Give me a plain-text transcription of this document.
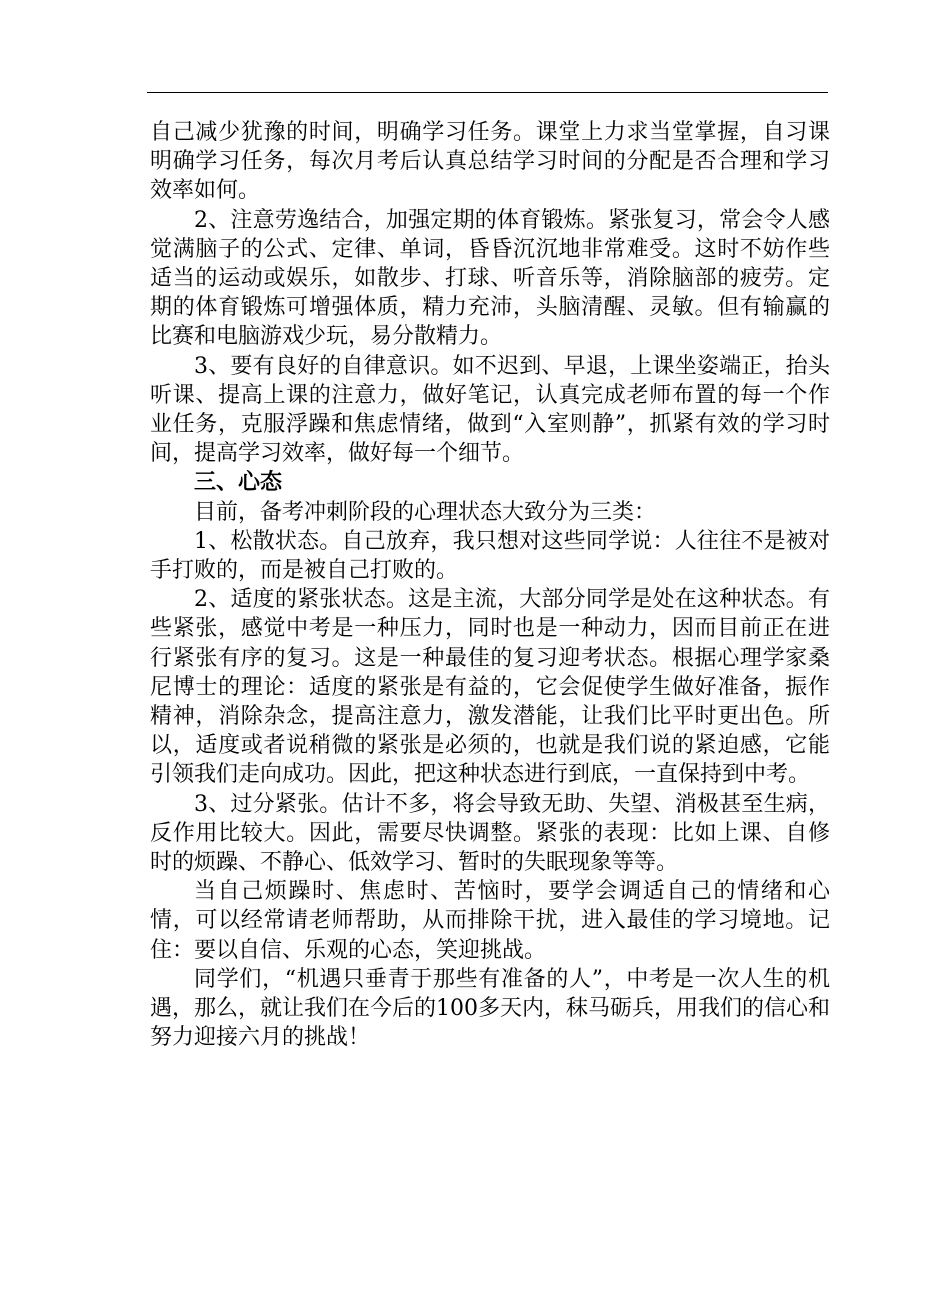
自己减少犹豫的时间，明确学习任务。课堂上力求当堂掌握，自习课明确学习任务，每次月考后认真总结学习时间的分配是否合理和学习效率如何。

2、注意劳逸结合，加强定期的体育锻炼。紧张复习，常会令人感觉满脑子的公式、定律、单词，昏昏沉沉地非常难受。这时不妨作些适当的运动或娱乐，如散步、打球、听音乐等，消除脑部的疲劳。定期的体育锻炼可增强体质，精力充沛，头脑清醒、灵敏。但有输赢的比赛和电脑游戏少玩，易分散精力。

3、要有良好的自律意识。如不迟到、早退，上课坐姿端正，抬头听课、提高上课的注意力，做好笔记，认真完成老师布置的每一个作业任务，克服浮躁和焦虑情绪，做到“入室则静”，抓紧有效的学习时间，提高学习效率，做好每一个细节。

三、心态

目前，备考冲刺阶段的心理状态大致分为三类：

1、松散状态。自己放弃，我只想对这些同学说：人往往不是被对手打败的，而是被自己打败的。

2、适度的紧张状态。这是主流，大部分同学是处在这种状态。有些紧张，感觉中考是一种压力，同时也是一种动力，因而目前正在进行紧张有序的复习。这是一种最佳的复习迎考状态。根据心理学家桑尼博士的理论：适度的紧张是有益的，它会促使学生做好准备，振作精神，消除杂念，提高注意力，激发潜能，让我们比平时更出色。所以，适度或者说稍微的紧张是必须的，也就是我们说的紧迫感，它能引领我们走向成功。因此，把这种状态进行到底，一直保持到中考。

3、过分紧张。估计不多，将会导致无助、失望、消极甚至生病，反作用比较大。因此，需要尽快调整。紧张的表现：比如上课、自修时的烦躁、不静心、低效学习、暂时的失眠现象等等。

当自己烦躁时、焦虑时、苦恼时，要学会调适自己的情绪和心情，可以经常请老师帮助，从而排除干扰，进入最佳的学习境地。记住：要以自信、乐观的心态，笑迎挑战。

同学们，“机遇只垂青于那些有准备的人”，中考是一次人生的机遇，那么，就让我们在今后的100多天内，秣马砺兵，用我们的信心和努力迎接六月的挑战！
